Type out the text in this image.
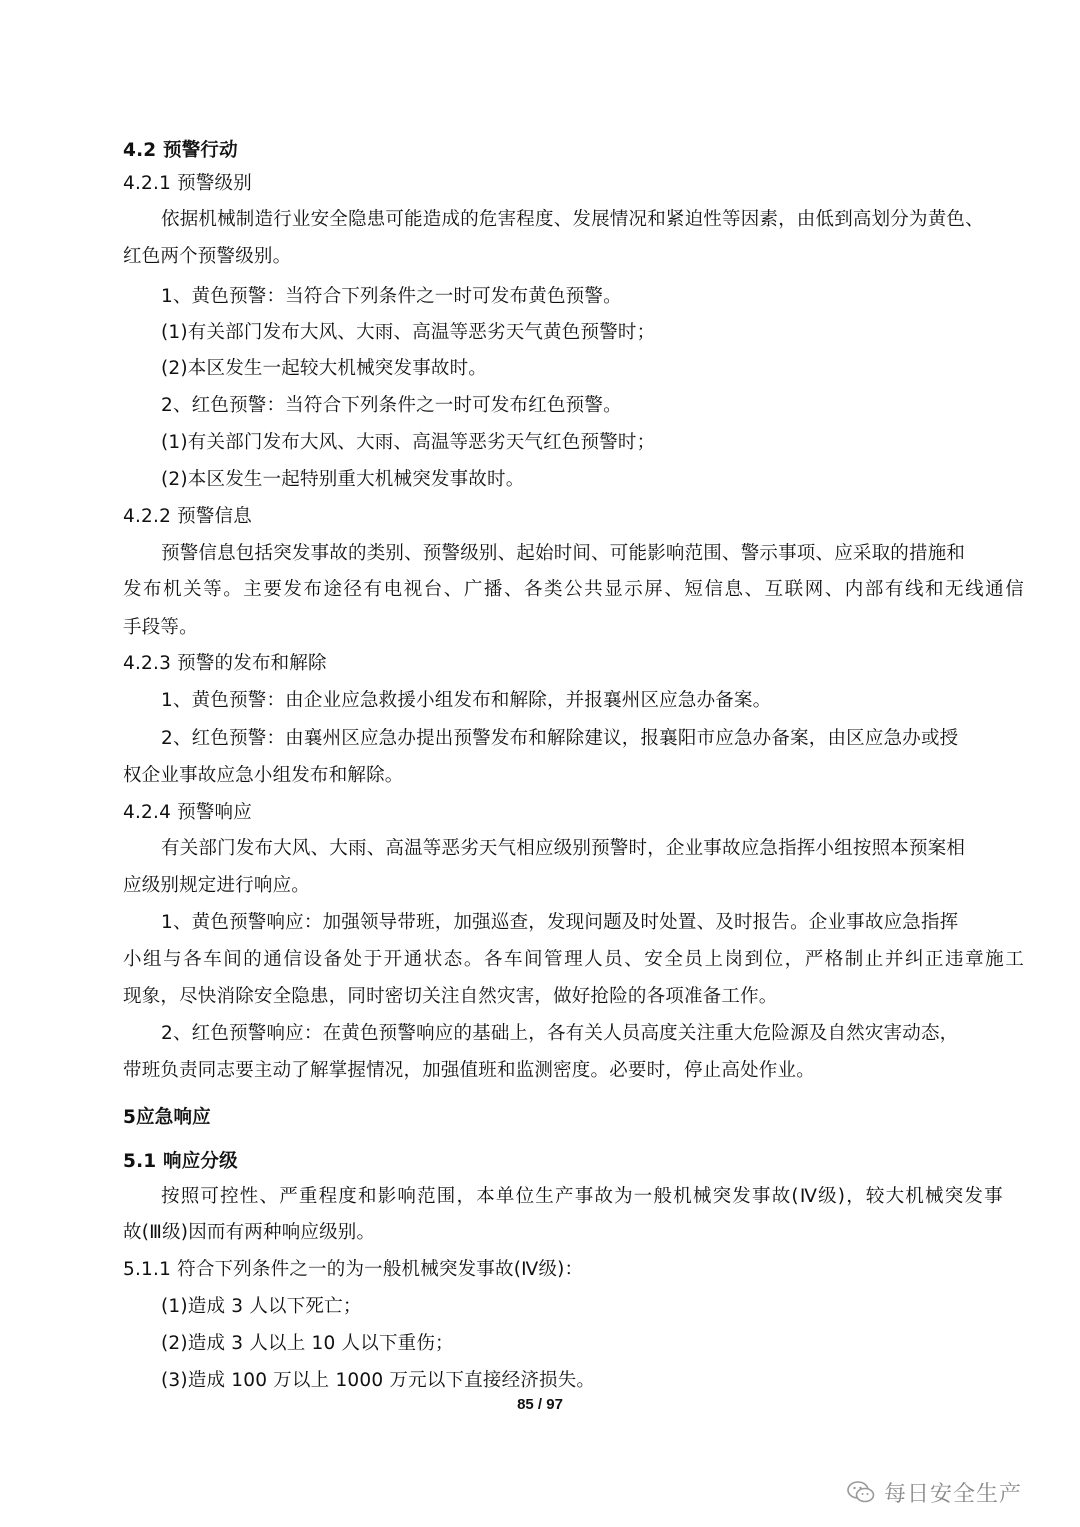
4.2 预警行动
4.2.1 预警级别
依据机械制造行业安全隐患可能造成的危害程度、发展情况和紧迫性等因素，由低到高划分为黄色、
红色两个预警级别。
1、黄色预警：当符合下列条件之一时可发布黄色预警。
(1)有关部门发布大风、大雨、高温等恶劣天气黄色预警时；
(2)本区发生一起较大机械突发事故时。
2、红色预警：当符合下列条件之一时可发布红色预警。
(1)有关部门发布大风、大雨、高温等恶劣天气红色预警时；
(2)本区发生一起特别重大机械突发事故时。
4.2.2 预警信息
预警信息包括突发事故的类别、预警级别、起始时间、可能影响范围、警示事项、应采取的措施和
发布机关等。主要发布途径有电视台、广播、各类公共显示屏、短信息、互联网、内部有线和无线通信
手段等。
4.2.3 预警的发布和解除
1、黄色预警：由企业应急救援小组发布和解除，并报襄州区应急办备案。
2、红色预警：由襄州区应急办提出预警发布和解除建议，报襄阳市应急办备案，由区应急办或授
权企业事故应急小组发布和解除。
4.2.4 预警响应
有关部门发布大风、大雨、高温等恶劣天气相应级别预警时，企业事故应急指挥小组按照本预案相
应级别规定进行响应。
1、黄色预警响应：加强领导带班，加强巡查，发现问题及时处置、及时报告。企业事故应急指挥
小组与各车间的通信设备处于开通状态。各车间管理人员、安全员上岗到位，严格制止并纠正违章施工
现象，尽快消除安全隐患，同时密切关注自然灾害，做好抢险的各项准备工作。
2、红色预警响应：在黄色预警响应的基础上，各有关人员高度关注重大危险源及自然灾害动态，
带班负责同志要主动了解掌握情况，加强值班和监测密度。必要时，停止高处作业。
5应急响应
5.1 响应分级
按照可控性、严重程度和影响范围，本单位生产事故为一般机械突发事故(Ⅳ级)，较大机械突发事
故(Ⅲ级)因而有两种响应级别。
5.1.1 符合下列条件之一的为一般机械突发事故(Ⅳ级)：
(1)造成 3 人以下死亡；
(2)造成 3 人以上 10 人以下重伤；
(3)造成 100 万以上 1000 万元以下直接经济损失。
85 / 97
每日安全生产
